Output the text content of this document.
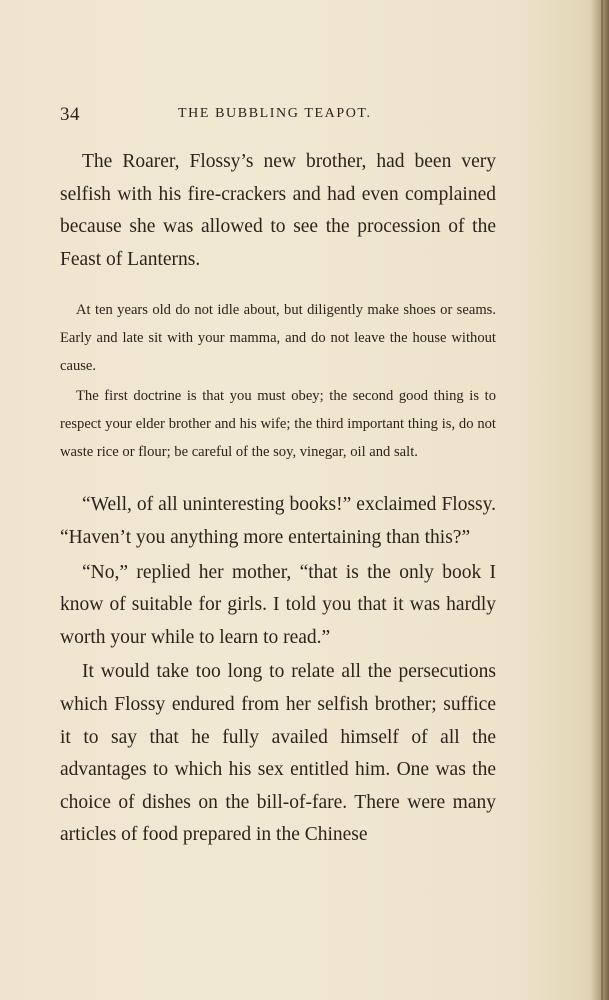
34	THE BUBBLING TEAPOT.

The Roarer, Flossy’s new brother, had been very selfish with his fire-crackers and had even complained because she was allowed to see the procession of the Feast of Lanterns.

At ten years old do not idle about, but diligently make shoes or seams. Early and late sit with your mamma, and do not leave the house without cause.

The first doctrine is that you must obey; the second good thing is to respect your elder brother and his wife; the third important thing is, do not waste rice or flour; be careful of the soy, vinegar, oil and salt.

“Well, of all uninteresting books!” exclaimed Flossy. “Haven’t you anything more entertaining than this?”

“No,” replied her mother, “that is the only book I know of suitable for girls. I told you that it was hardly worth your while to learn to read.”

It would take too long to relate all the persecutions which Flossy endured from her selfish brother; suffice it to say that he fully availed himself of all the advantages to which his sex entitled him. One was the choice of dishes on the bill-of-fare. There were many articles of food prepared in the Chinese
